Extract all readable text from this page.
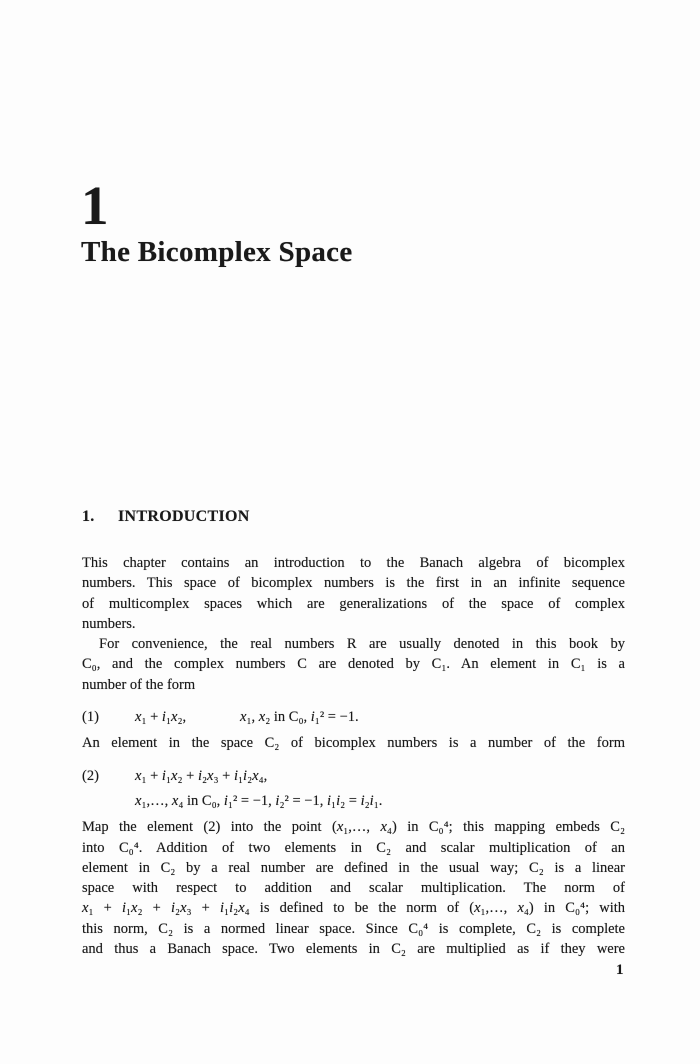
1
The Bicomplex Space
1. INTRODUCTION
This chapter contains an introduction to the Banach algebra of bicomplex
numbers. This space of bicomplex numbers is the first in an infinite sequence
of multicomplex spaces which are generalizations of the space of complex
numbers.
For convenience, the real numbers R are usually denoted in this book by
C₀, and the complex numbers C are denoted by C₁. An element in C₁ is a
number of the form
(1) x₁ + i₁x₂,	x₁, x₂ in C₀, i₁² = −1.
An element in the space C₂ of bicomplex numbers is a number of the form
(2) x₁ + i₁x₂ + i₂x₃ + i₁i₂x₄,
x₁,…, x₄ in C₀, i₁² = −1, i₂² = −1, i₁i₂ = i₂i₁.
Map the element (2) into the point (x₁,…, x₄) in C₀⁴; this mapping embeds C₂
into C₀⁴. Addition of two elements in C₂ and scalar multiplication of an
element in C₂ by a real number are defined in the usual way; C₂ is a linear
space with respect to addition and scalar multiplication. The norm of
x₁ + i₁x₂ + i₂x₃ + i₁i₂x₄ is defined to be the norm of (x₁,…, x₄) in C₀⁴; with
this norm, C₂ is a normed linear space. Since C₀⁴ is complete, C₂ is complete
and thus a Banach space. Two elements in C₂ are multiplied as if they were
1
